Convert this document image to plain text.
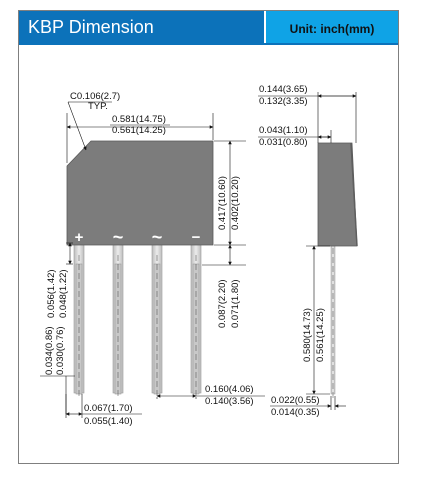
KBP Dimension	Unit: inch(mm)
+ ~ ~ −
C0.106(2.7)
TYP.
0.581(14.75)
0.561(14.25)
0.417(10.60) 0.402(10.20)
0.087(2.20) 0.071(1.80)
0.056(1.42) 0.048(1.22)
0.034(0.86) 0.030(0.76)
0.160(4.06)
0.140(3.56)
0.067(1.70)
0.055(1.40)
0.144(3.65)
0.132(3.35)
0.043(1.10)
0.031(0.80)
0.580(14.73) 0.561(14.25)
0.022(0.55)
0.014(0.35)
